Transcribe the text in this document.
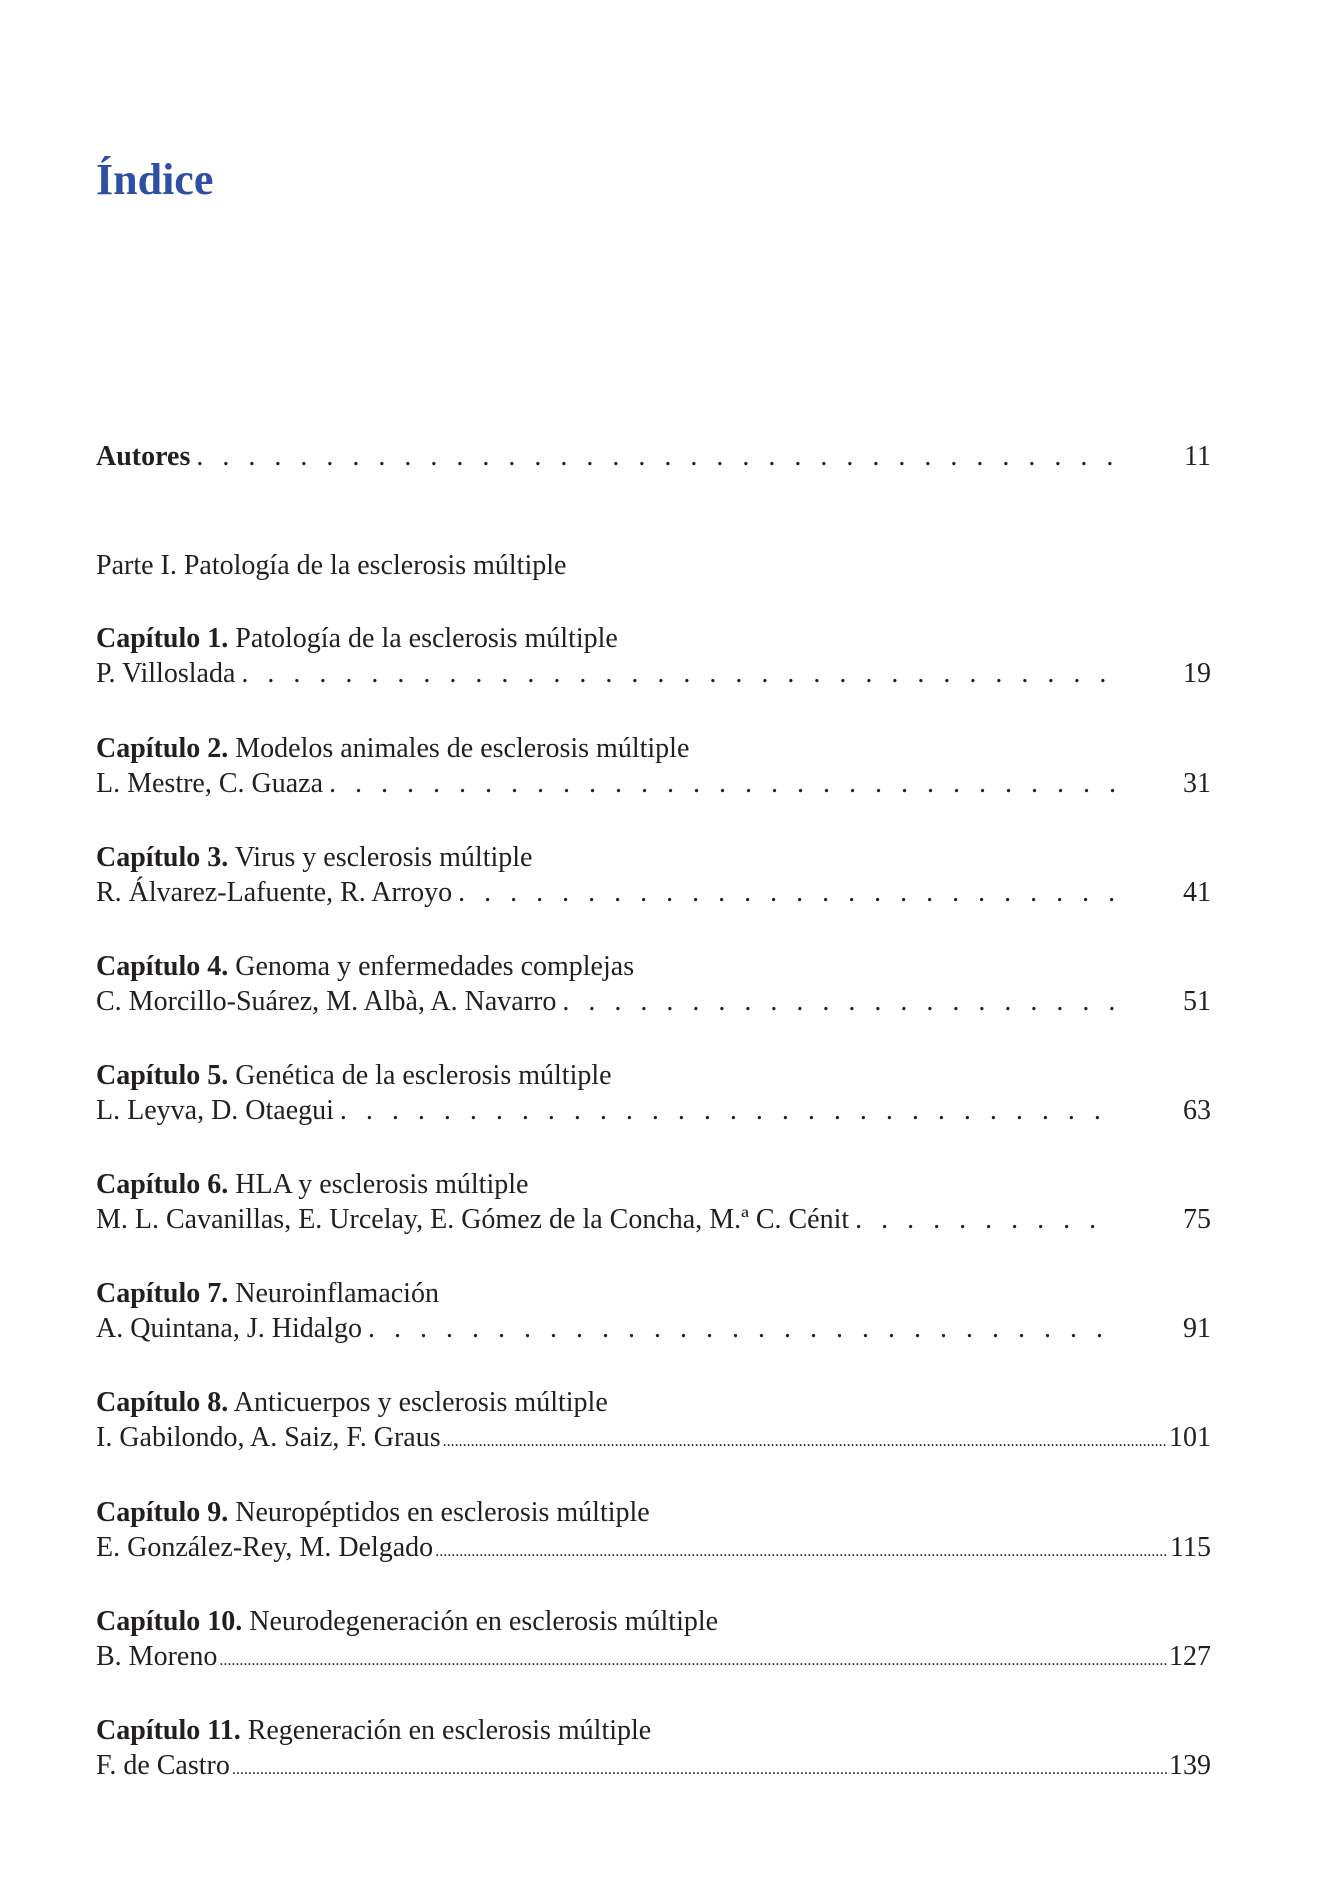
Índice
Autores . . .	11
Parte I. Patología de la esclerosis múltiple
Capítulo 1. Patología de la esclerosis múltiple
P. Villoslada . . .	19
Capítulo 2. Modelos animales de esclerosis múltiple
L. Mestre, C. Guaza . . .	31
Capítulo 3. Virus y esclerosis múltiple
R. Álvarez-Lafuente, R. Arroyo . . .	41
Capítulo 4. Genoma y enfermedades complejas
C. Morcillo-Suárez, M. Albà, A. Navarro . . .	51
Capítulo 5. Genética de la esclerosis múltiple
L. Leyva, D. Otaegui . . .	63
Capítulo 6. HLA y esclerosis múltiple
M. L. Cavanillas, E. Urcelay, E. Gómez de la Concha, M.ª C. Cénit . . .	75
Capítulo 7. Neuroinflamación
A. Quintana, J. Hidalgo . . .	91
Capítulo 8. Anticuerpos y esclerosis múltiple
I. Gabilondo, A. Saiz, F. Graus .....	101
Capítulo 9. Neuropéptidos en esclerosis múltiple
E. González-Rey, M. Delgado .....	115
Capítulo 10. Neurodegeneración en esclerosis múltiple
B. Moreno .....	127
Capítulo 11. Regeneración en esclerosis múltiple
F. de Castro .....	139
